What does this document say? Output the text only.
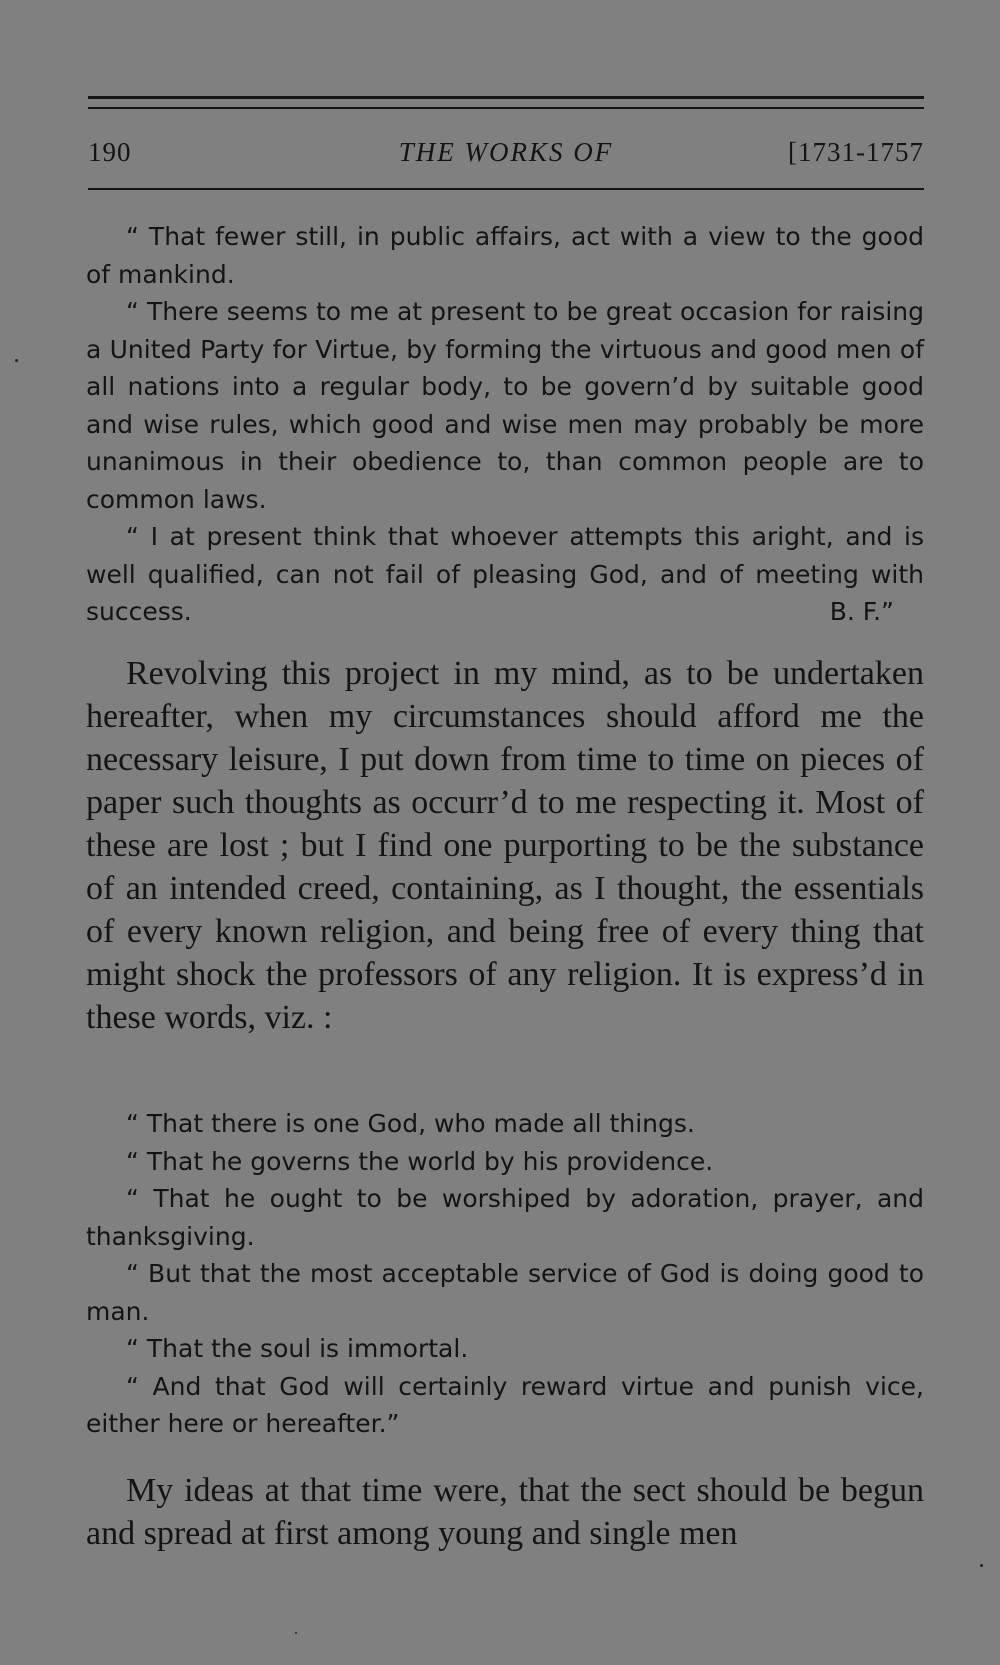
190	THE WORKS OF	[1731-1757
“ That fewer still, in public affairs, act with a view to the good of mankind.
“ There seems to me at present to be great occasion for raising a United Party for Virtue, by forming the virtuous and good men of all nations into a regular body, to be govern’d by suitable good and wise rules, which good and wise men may probably be more unanimous in their obedience to, than common people are to common laws.
“ I at present think that whoever attempts this aright, and is well qualified, can not fail of pleasing God, and of meeting with success.	B. F.”
Revolving this project in my mind, as to be undertaken hereafter, when my circumstances should afford me the necessary leisure, I put down from time to time on pieces of paper such thoughts as occurr’d to me respecting it. Most of these are lost ; but I find one purporting to be the substance of an intended creed, containing, as I thought, the essentials of every known religion, and being free of every thing that might shock the professors of any religion. It is express’d in these words, viz. :
“ That there is one God, who made all things.
“ That he governs the world by his providence.
“ That he ought to be worshiped by adoration, prayer, and thanksgiving.
“ But that the most acceptable service of God is doing good to man.
“ That the soul is immortal.
“ And that God will certainly reward virtue and punish vice, either here or hereafter.”
My ideas at that time were, that the sect should be begun and spread at first among young and single men
